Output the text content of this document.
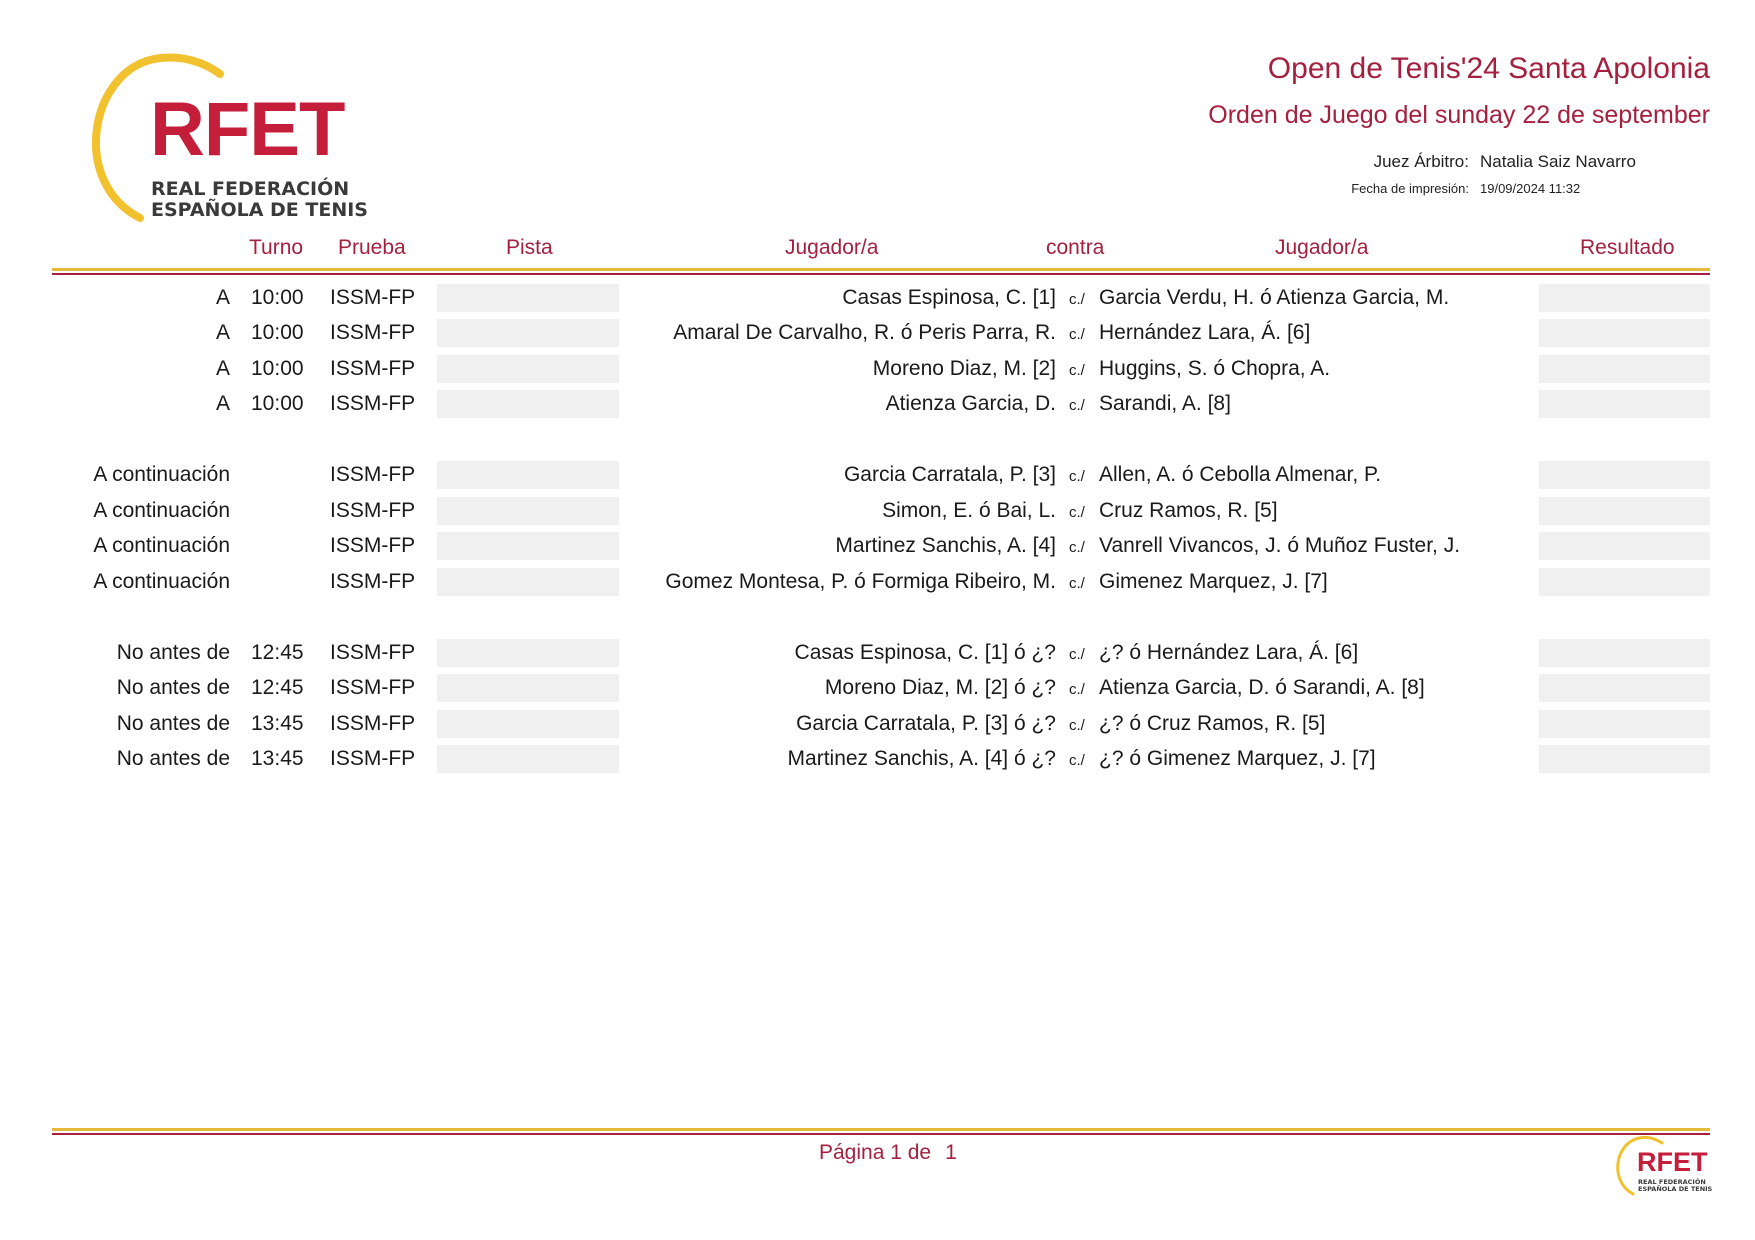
RFET
REAL FEDERACIÓN
ESPAÑOLA DE TENIS
Open de Tenis'24 Santa Apolonia
Orden de Juego del sunday 22 de september
Juez Árbitro: Natalia Saiz Navarro
Fecha de impresión: 19/09/2024 11:32
Turno Prueba	Pista	Jugador/a	contra	Jugador/a	Resultado
A 10:00 ISSM-FP	Casas Espinosa, C. [1] c./ Garcia Verdu, H. ó Atienza Garcia, M.
A 10:00 ISSM-FP	Amaral De Carvalho, R. ó Peris Parra, R. c./ Hernández Lara, Á. [6]
A 10:00 ISSM-FP	Moreno Diaz, M. [2] c./ Huggins, S. ó Chopra, A.
A 10:00 ISSM-FP	Atienza Garcia, D. c./ Sarandi, A. [8]
A continuación	ISSM-FP	Garcia Carratala, P. [3] c./ Allen, A. ó Cebolla Almenar, P.
A continuación	ISSM-FP	Simon, E. ó Bai, L. c./ Cruz Ramos, R. [5]
A continuación	ISSM-FP	Martinez Sanchis, A. [4] c./ Vanrell Vivancos, J. ó Muñoz Fuster, J.
A continuación	ISSM-FP	Gomez Montesa, P. ó Formiga Ribeiro, M. c./ Gimenez Marquez, J. [7]
No antes de 12:45 ISSM-FP	Casas Espinosa, C. [1] ó ¿? c./ ¿? ó Hernández Lara, Á. [6]
No antes de 12:45 ISSM-FP	Moreno Diaz, M. [2] ó ¿? c./ Atienza Garcia, D. ó Sarandi, A. [8]
No antes de 13:45 ISSM-FP	Garcia Carratala, P. [3] ó ¿? c./ ¿? ó Cruz Ramos, R. [5]
No antes de 13:45 ISSM-FP	Martinez Sanchis, A. [4] ó ¿? c./ ¿? ó Gimenez Marquez, J. [7]
Página 1 de 1	RFET
REAL FEDERACIÓN
ESPAÑOLA DE TENIS
